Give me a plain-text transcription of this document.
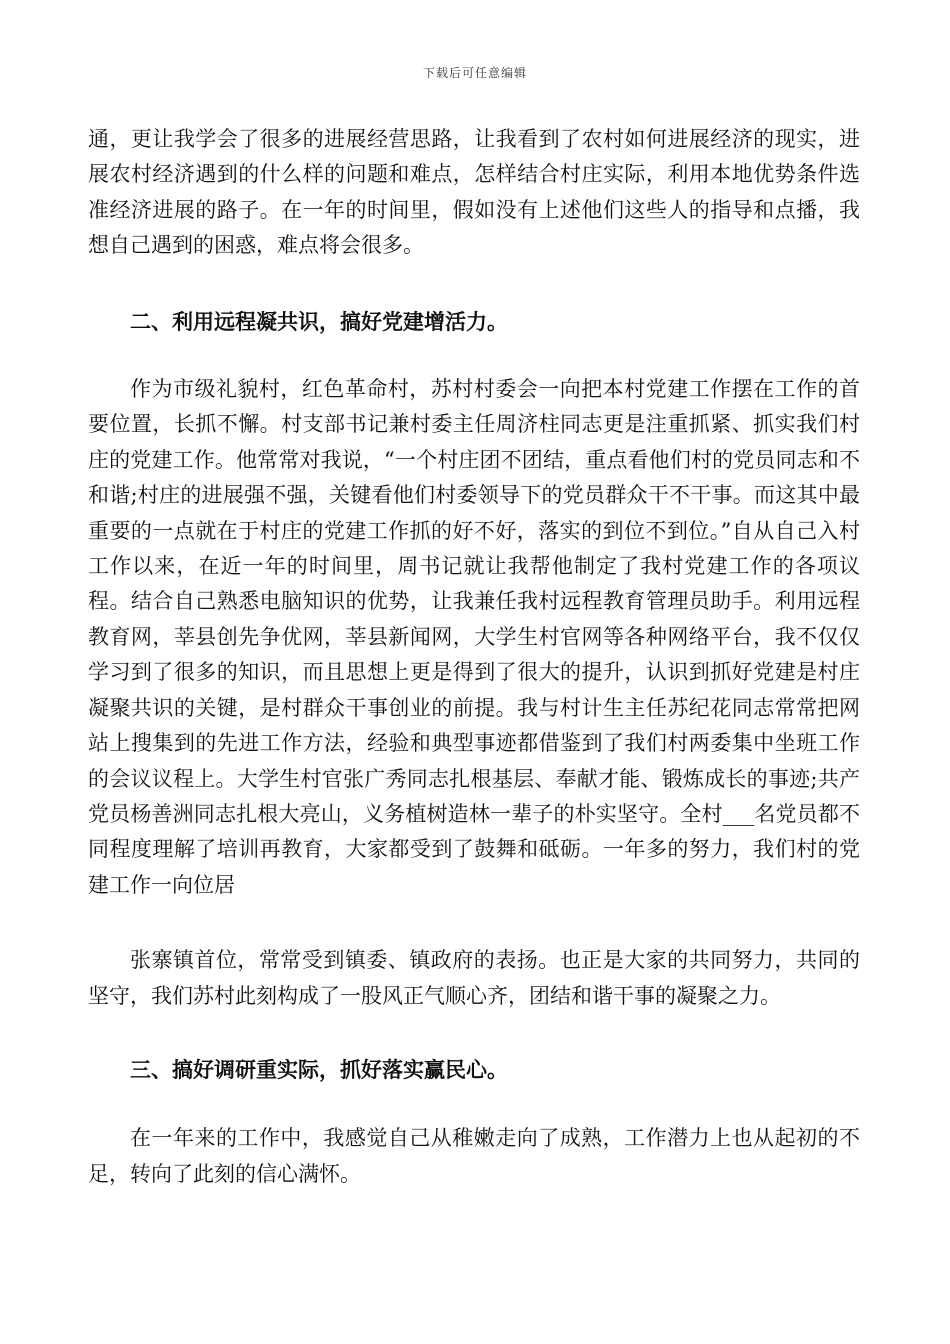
下载后可任意编辑

通，更让我学会了很多的进展经营思路，让我看到了农村如何进展经济的现实，进展农村经济遇到的什么样的问题和难点，怎样结合村庄实际，利用本地优势条件选准经济进展的路子。在一年的时间里，假如没有上述他们这些人的指导和点播，我想自己遇到的困惑，难点将会很多。

二、利用远程凝共识，搞好党建增活力。

作为市级礼貌村，红色革命村，苏村村委会一向把本村党建工作摆在工作的首要位置，长抓不懈。村支部书记兼村委主任周济柱同志更是注重抓紧、抓实我们村庄的党建工作。他常常对我说，“一个村庄团不团结，重点看他们村的党员同志和不和谐;村庄的进展强不强，关键看他们村委领导下的党员群众干不干事。而这其中最重要的一点就在于村庄的党建工作抓的好不好，落实的到位不到位。”自从自己入村工作以来，在近一年的时间里，周书记就让我帮他制定了我村党建工作的各项议程。结合自己熟悉电脑知识的优势，让我兼任我村远程教育管理员助手。利用远程教育网，莘县创先争优网，莘县新闻网，大学生村官网等各种网络平台，我不仅仅学习到了很多的知识，而且思想上更是得到了很大的提升，认识到抓好党建是村庄凝聚共识的关键，是村群众干事创业的前提。我与村计生主任苏纪花同志常常把网站上搜集到的先进工作方法，经验和典型事迹都借鉴到了我们村两委集中坐班工作的会议议程上。大学生村官张广秀同志扎根基层、奉献才能、锻炼成长的事迹;共产党员杨善洲同志扎根大亮山，义务植树造林一辈子的朴实坚守。全村___名党员都不同程度理解了培训再教育，大家都受到了鼓舞和砥砺。一年多的努力，我们村的党建工作一向位居

张寨镇首位，常常受到镇委、镇政府的表扬。也正是大家的共同努力，共同的坚守，我们苏村此刻构成了一股风正气顺心齐，团结和谐干事的凝聚之力。

三、搞好调研重实际，抓好落实赢民心。

在一年来的工作中，我感觉自己从稚嫩走向了成熟，工作潜力上也从起初的不足，转向了此刻的信心满怀。
